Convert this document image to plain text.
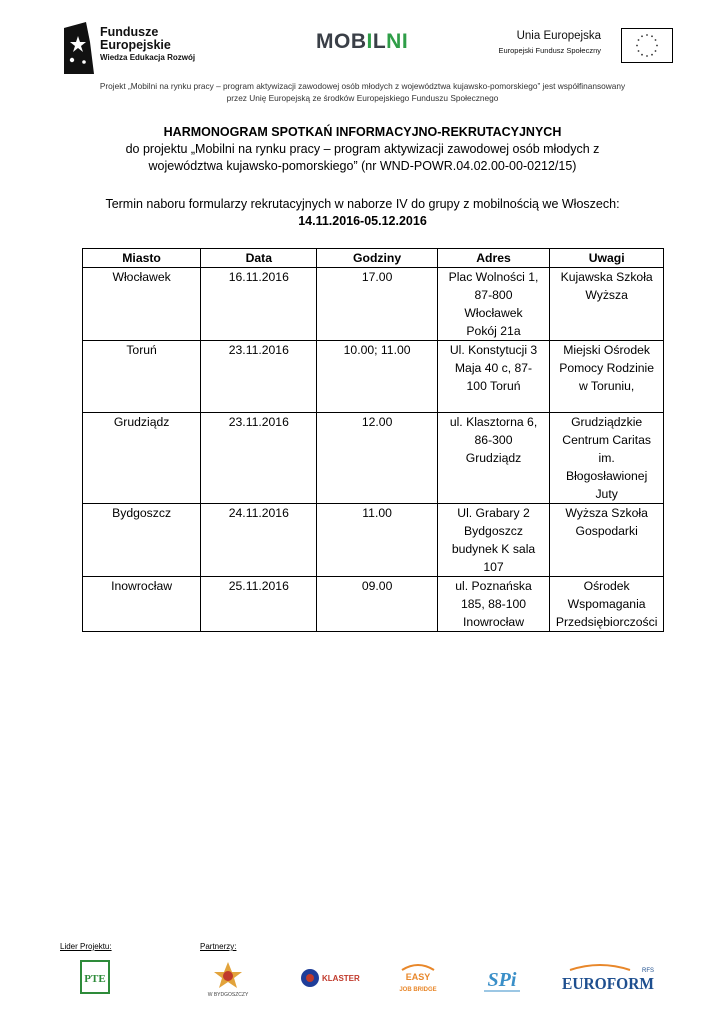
Fundusze
Europejskie
Wiedza Edukacja Rozwój
MOBILNI	Unia Europejska
Europejski Fundusz Społeczny
Projekt „Mobilni na rynku pracy – program aktywizacji zawodowej osób młodych z województwa kujawsko-pomorskiego” jest współfinansowany
przez Unię Europejską ze środków Europejskiego Funduszu Społecznego
HARMONOGRAM SPOTKAŃ INFORMACYJNO-REKRUTACYJNYCH
do projektu „Mobilni na rynku pracy – program aktywizacji zawodowej osób młodych z
województwa kujawsko-pomorskiego” (nr WND-POWR.04.02.00-00-0212/15)
Termin naboru formularzy rekrutacyjnych w naborze IV do grupy z mobilnością we Włoszech:
14.11.2016-05.12.2016
Miasto	Data	Godziny	Adres	Uwagi
Włocławek	16.11.2016	17.00	Plac Wolności 1,
87-800
Włocławek
Pokój 21a	Kujawska Szkoła
Wyższa

Toruń	23.11.2016	10.00; 11.00	Ul. Konstytucji 3
Maja 40 c, 87-
100 Toruń	Miejski Ośrodek
Pomocy Rodzinie
w Toruniu,

Grudziądz	23.11.2016	12.00	ul. Klasztorna 6,
86-300
Grudziądz	Grudziądzkie
Centrum Caritas
im.
Błogosławionej
Juty

Bydgoszcz	24.11.2016	11.00	Ul. Grabary 2
Bydgoszcz
budynek K sala
107	Wyższa Szkoła
Gospodarki

Inowrocław	25.11.2016	09.00	ul. Poznańska
185, 88-100
Inowrocław	Ośrodek
Wspomagania
Przedsiębiorczości
Lider Projektu:	Partnerzy:
PTE
W BYDGOSZCZY
KLASTER	EASY
JOB BRIDGE	SPi	EUROFORM
RFS
